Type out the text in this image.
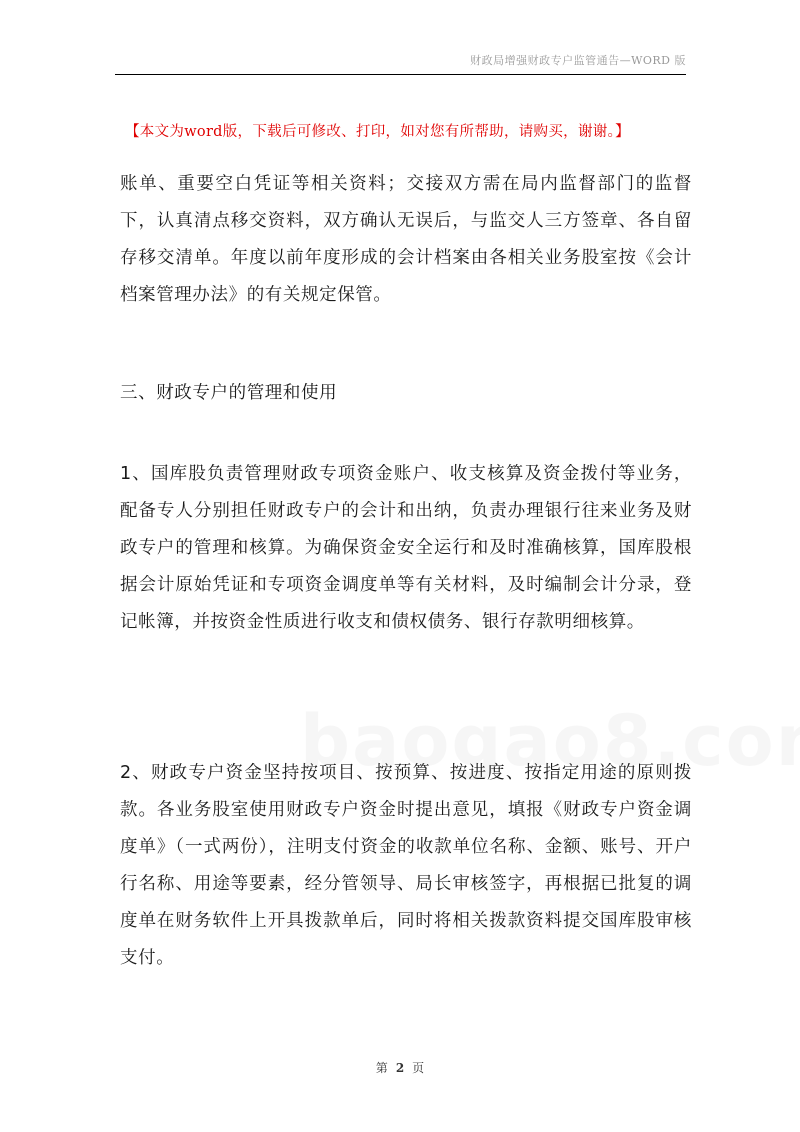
财政局增强财政专户监管通告—WORD 版
【本文为word版，下载后可修改、打印，如对您有所帮助，请购买，谢谢。】

账单、重要空白凭证等相关资料；交接双方需在局内监督部门的监督下，认真清点移交资料，双方确认无误后，与监交人三方签章、各自留存移交清单。年度以前年度形成的会计档案由各相关业务股室按《会计档案管理办法》的有关规定保管。

三、财政专户的管理和使用

1、国库股负责管理财政专项资金账户、收支核算及资金拨付等业务，配备专人分别担任财政专户的会计和出纳，负责办理银行往来业务及财政专户的管理和核算。为确保资金安全运行和及时准确核算，国库股根据会计原始凭证和专项资金调度单等有关材料，及时编制会计分录，登记帐簿，并按资金性质进行收支和债权债务、银行存款明细核算。

2、财政专户资金坚持按项目、按预算、按进度、按指定用途的原则拨款。各业务股室使用财政专户资金时提出意见，填报《财政专户资金调度单》（一式两份），注明支付资金的收款单位名称、金额、账号、开户行名称、用途等要素，经分管领导、局长审核签字，再根据已批复的调度单在财务软件上开具拨款单后，同时将相关拨款资料提交国库股审核支付。

第 2 页
